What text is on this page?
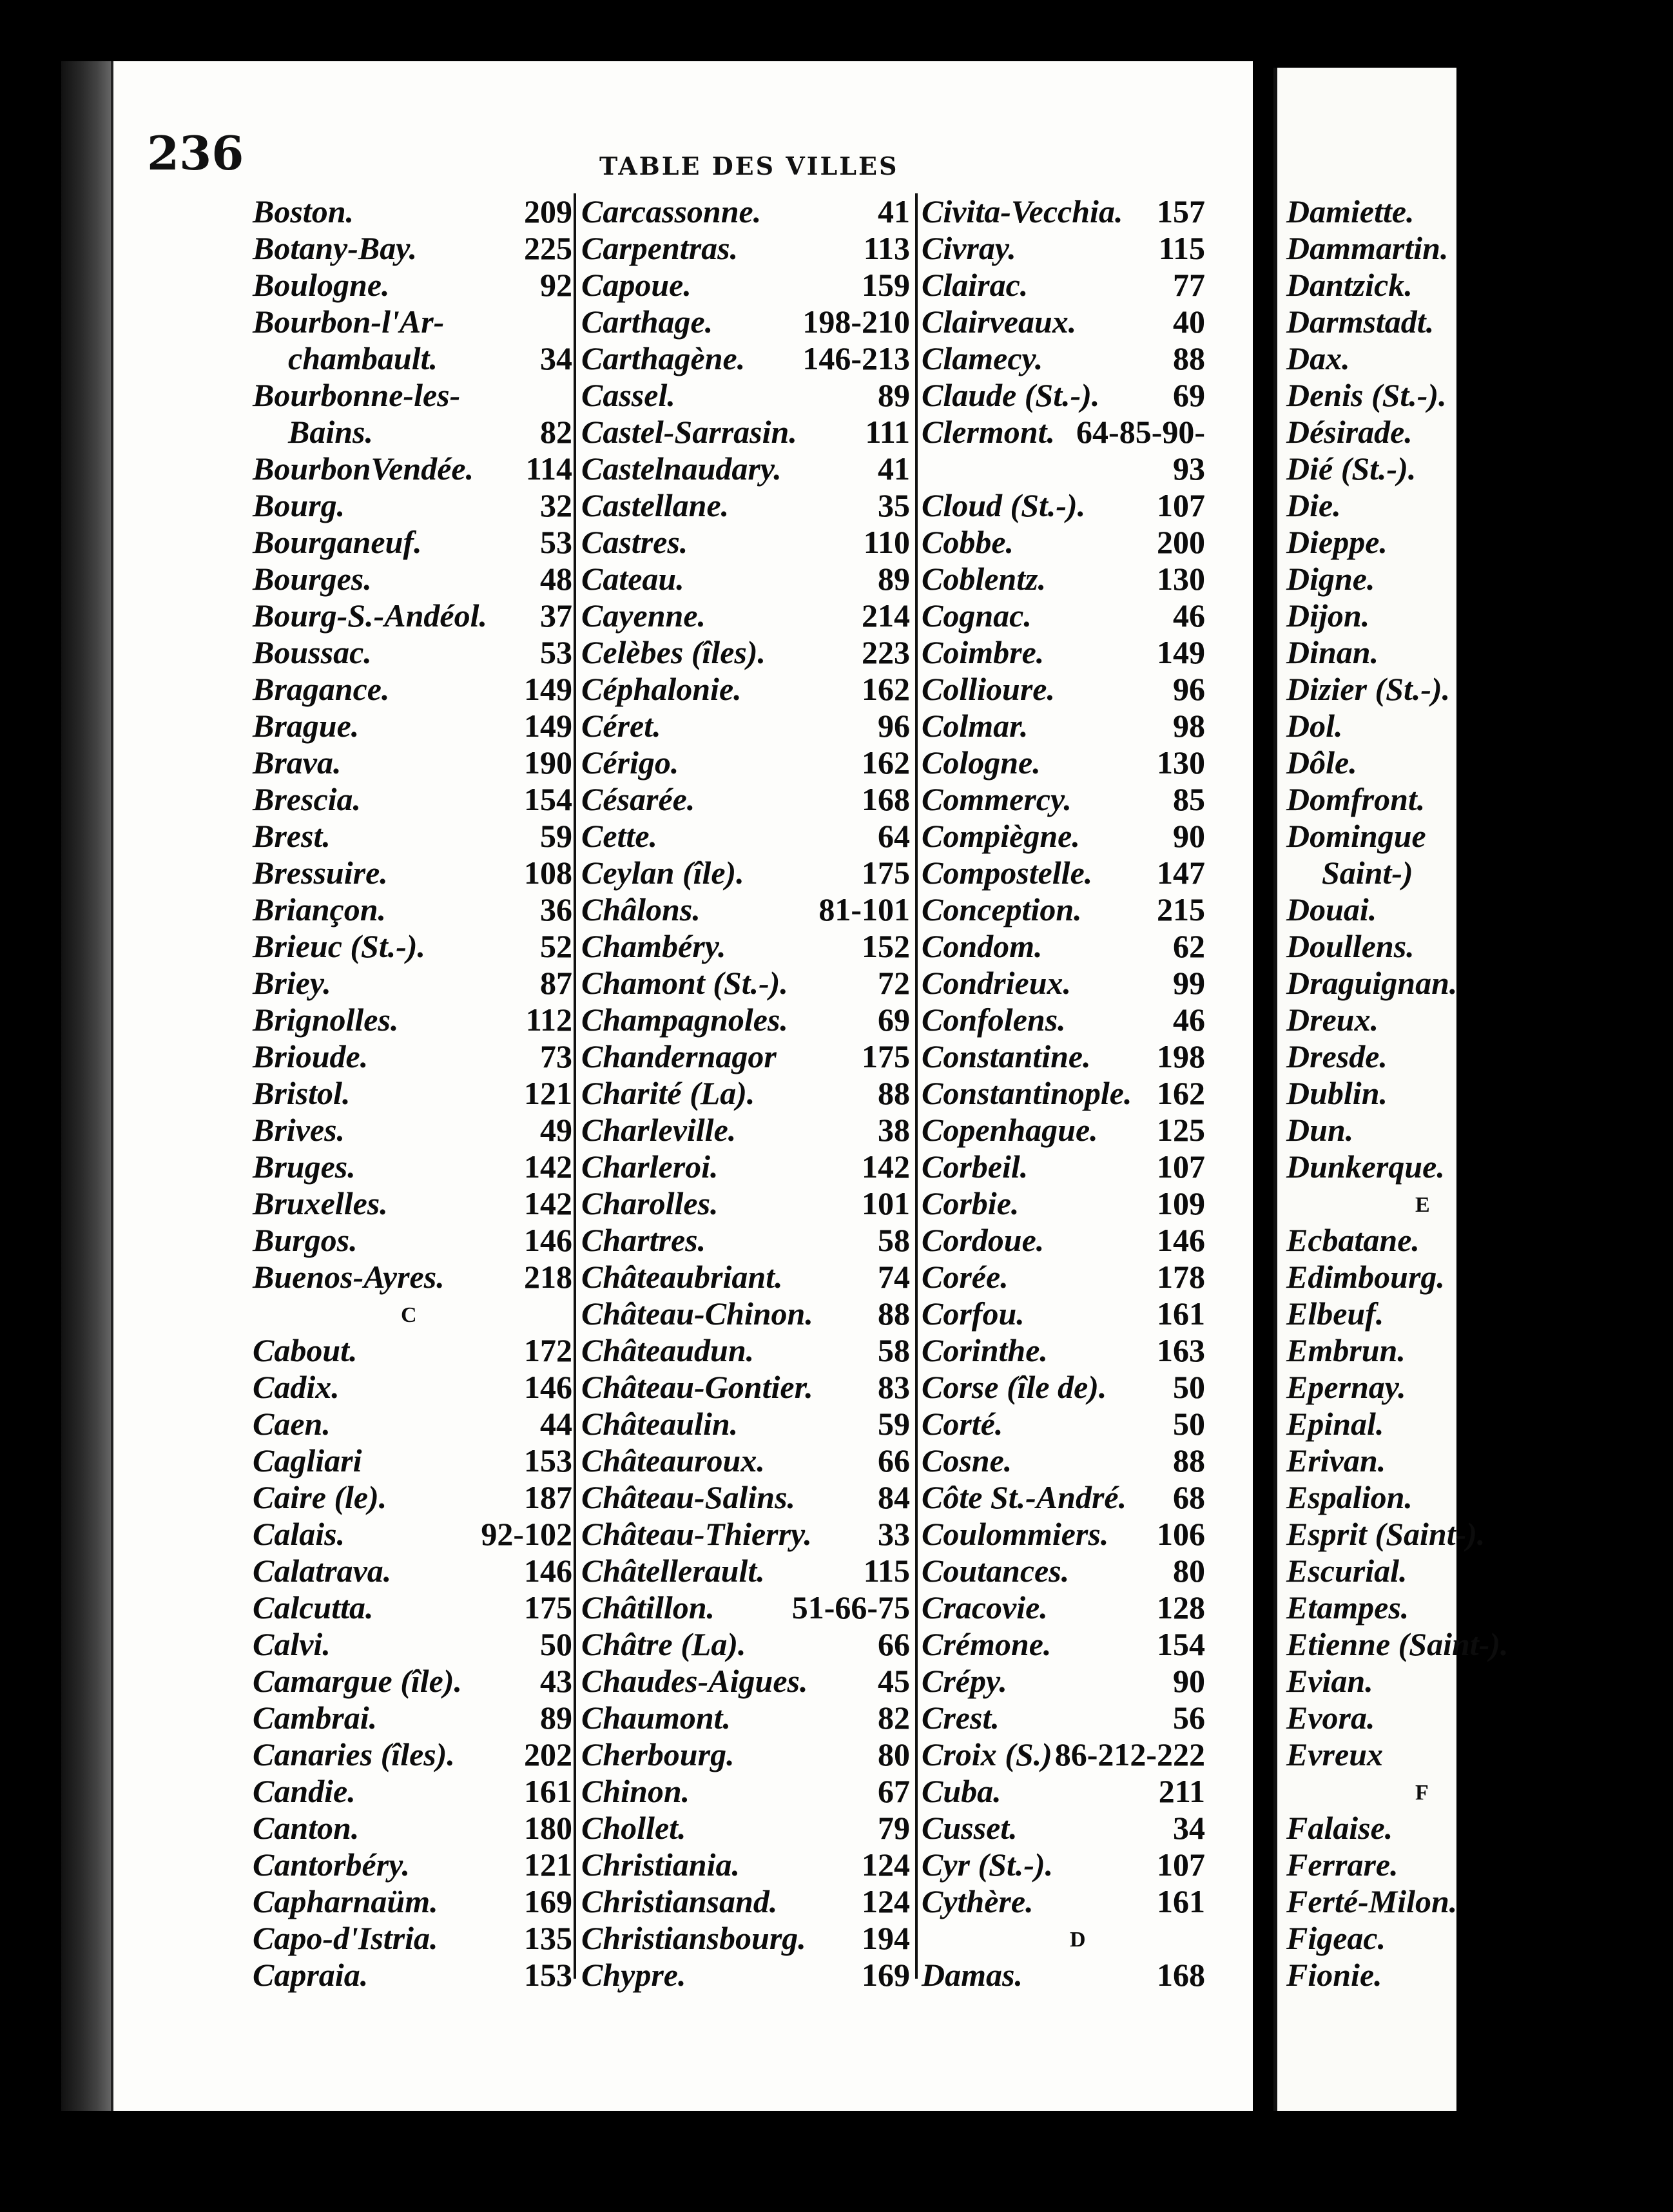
236	TABLE DES VILLES
Boston.	209
Botany-Bay.	225
Boulogne.	92
Bourbon-l'Ar-
chambault.	34
Bourbonne-les-
Bains.	82
BourbonVendée. 114
Bourg.	32
Bourganeuf.	53
Bourges.	48
Bourg-S.-Andéol. 37
Boussac.	53
Bragance.	149
Brague.	149
Brava.	190
Brescia.	154
Brest.	59
Bressuire.	108
Briançon.	36
Brieuc (St.-).	52
Briey.	87
Brignolles.	112
Brioude.	73
Bristol.	121
Brives.	49
Bruges.	142
Bruxelles.	142
Burgos.	146
Buenos-Ayres. 218
C
Cabout.	172
Cadix.	146
Caen.	44
Cagliari	153
Caire (le).	187
Calais.	92-102
Calatrava.	146
Calcutta.	175
Calvi.	50
Camargue (île). 43
Cambrai.	89
Canaries (îles). 202
Candie.	161
Canton.	180
Cantorbéry.	121
Capharnaüm.	169
Capo-d'Istria.	135
Capraia.	153
Carcassonne.	41
Carpentras.	113
Capoue.	159
Carthage.	198-210
Carthagène. 146-213
Cassel.	89
Castel-Sarrasin. 111
Castelnaudary.	41
Castellane.	35
Castres.	110
Cateau.	89
Cayenne.	214
Celèbes (îles).	223
Céphalonie.	162
Céret.	96
Cérigo.	162
Césarée.	168
Cette.	64
Ceylan (île).	175
Châlons.	81-101
Chambéry.	152
Chamont (St.-).	72
Champagnoles.	69
Chandernagor	175
Charité (La).	88
Charleville.	38
Charleroi.	142
Charolles.	101
Chartres.	58
Châteaubriant.	74
Château-Chinon. 88
Châteaudun.	58
Château-Gontier. 83
Châteaulin.	59
Châteauroux.	66
Château-Salins.	84
Château-Thierry. 33
Châtellerault.	115
Châtillon. 51-66-75
Châtre (La).	66
Chaudes-Aigues. 45
Chaumont.	82
Cherbourg.	80
Chinon.	67
Chollet.	79
Christiania.	124
Christiansand.	124
Christiansbourg. 194
Chypre.	169
Civita-Vecchia. 157
Civray.	115
Clairac.	77
Clairveaux.	40
Clamecy.	88
Claude (St.-). 69
Clermont. 64-85-90-
93
Cloud (St.-). 107
Cobbe.	200
Coblentz.	130
Cognac.	46
Coimbre.	149
Collioure.	96
Colmar.	98
Cologne.	130
Commercy.	85
Compiègne.	90
Compostelle. 147
Conception. 215
Condom.	62
Condrieux.	99
Confolens.	46
Constantine. 198
Constantinople. 162
Copenhague. 125
Corbeil.	107
Corbie.	109
Cordoue.	146
Corée.	178
Corfou.	161
Corinthe.	163
Corse (île de). 50
Corté.	50
Cosne.	88
Côte St.-André. 68
Coulommiers. 106
Coutances.	80
Cracovie.	128
Crémone.	154
Crépy.	90
Crest.	56
Croix (S.) 86-212-222
Cuba.	211
Cusset.	34
Cyr (St.-).	107
Cythère.	161
D
Damas.	168
Damiette.
Dammartin.
Dantzick.
Darmstadt.
Dax.
Denis (St.-).
Désirade.
Dié (St.-).
Die.
Dieppe.
Digne.
Dijon.
Dinan.
Dizier (St.-).
Dol.
Dôle.
Domfront.
Domingue
Saint-)
Douai.
Doullens.
Draguignan.
Dreux.
Dresde.
Dublin.
Dun.
Dunkerque.
E
Ecbatane.
Edimbourg.
Elbeuf.
Embrun.
Epernay.
Epinal.
Erivan.
Espalion.
Esprit (Saint-).
Escurial.
Etampes.
Etienne (Saint-).
Evian.
Evora.
Evreux
F
Falaise.
Ferrare.
Ferté-Milon.
Figeac.
Fionie.
